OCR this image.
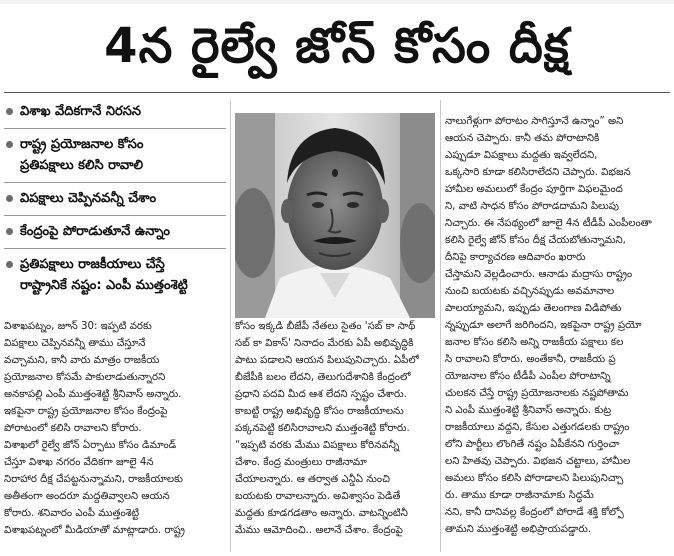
4న రైల్వే జోన్ కోసం దీక్ష
విశాఖ వేదికగానే నిరసన
రాష్ట్ర ప్రయోజనాల కోసం
ప్రతిపక్షాలు కలిసి రావాలి
విపక్షాలు చెప్పినవన్నీ చేశాం
కేంద్రంపై పోరాడుతూనే ఉన్నాం
ప్రతిపక్షాలు రాజకీయాలు చేస్తే
రాష్ట్రానికే నష్టం: ఎంపీ ముత్తంశెట్టి

విశాఖపట్నం, జూన్ 30: ఇప్పటి వరకు
విపక్షాలు చెప్పినవన్నీ తాము చేస్తూనే
వచ్చామని, కానీ వారు మాత్రం రాజకీయ
ప్రయోజనాల కోసమే పాకులాడుతున్నారని
అనకాపల్లి ఎంపీ ముత్తంశెట్టి శ్రీనివాస్ అన్నారు.
ఇకపైనా రాష్ట్ర ప్రయోజనాల కోసం కేంద్రంపై
పోరాటంలో కలిసి రావాలని కోరారు.
విశాఖలో రైల్వే జోన్ ఏర్పాటు కోసం డిమాండ్
చేస్తూ విశాఖ నగరం వేదికగా జూలై 4న
నిరాహార దీక్ష చేపట్టనున్నామని, రాజకీయాలకు
అతీతంగా అందరూ మద్దతివ్వాలని ఆయన
కోరారు. శనివారం ఎంపీ ముత్తంశెట్టి
విశాఖపట్నంలో మీడియాతో మాట్లాడారు. రాష్ట్ర

కోసం ఇక్కడి బీజేపీ నేతలు సైతం 'సబ్ కా సాథ్
సబ్ కా వికాస్' నినాదం మేరకు ఏపీ అభివృద్ధికి
పాటు పడాలని ఆయన పిలుపునిచ్చారు. ఏపీలో
బీజేపీకి బలం లేదని, తెలుగుదేశానికి కేంద్రంలో
ప్రధాని పదవి మీద ఆశ లేదని స్పష్టం చేశారు.
కాబట్టి రాష్ట్ర అభివృద్ధి కోసం రాజకీయాలను
పక్కనపెట్టి కలిసిరావాలని ముత్తంశెట్టి కోరారు.
“ఇప్పటి వరకు మేము విపక్షాలు కోరినవన్నీ
చేశాం. కేంద్ర మంత్రులు రాజీనామా
చేయాలన్నారు. ఆ తర్వాత ఎన్డీఏ నుంచి
బయటకు రావాలన్నారు. అవిశ్వాసం పెడితే
మద్దతు కూడగడతాం అన్నారు. వాటన్నింటినీ
మేము ఆమోదించి.. అలానే చేశాం. కేంద్రంపై

నాలుగేళ్లుగా పోరాటం సాగిస్తూనే ఉన్నాం” అని
ఆయన చెప్పారు. కానీ తమ పోరాటానికి
ఎప్పుడూ విపక్షాలు మద్దతు ఇవ్వలేదని,
ఒక్కసారి కూడా కలిసిరాలేదని చెప్పారు. విభజన
హామీల అమలులో కేంద్రం పూర్తిగా విఫలమైంద
ని, వాటి సాధన కోసం పోరాడదామని పిలుపు
నిచ్చారు. ఈ నేపథ్యంలో జూలై 4న టీడీపీ ఎంపీలంతా
కలిసి రైల్వే జోన్ కోసం దీక్ష చేయబోతున్నామని,
దీనిపై కార్యాచరణ ఆదివారం ఖరారు
చేస్తామని వెల్లడించారు. ఆనాడు మద్రాసు రాష్ట్రం
నుంచి బయటకు వచ్చినప్పుడు అవమానాల
పాలయ్యామని, ఇప్పుడు తెలంగాణ విడిపోతు
న్నప్పుడూ అలాగే జరిగిందని, ఇకపైనా రాష్ట్ర ప్రయో
జనాల కోసం కలిసి అన్ని రాజకీయ పక్షాలు కల
సి రావాలని కోరారు. అంతేకానీ, రాజకీయ ప్ర
యోజనాల కోసం టీడీపీ ఎంపీల పోరాటాన్ని
చులకన చేస్తే రాష్ట్ర ప్రయోజనాలకు నష్టపోతామ
ని ఎంపీ ముత్తంశెట్టి శ్రీనివాస్ అన్నారు. కుట్ర
రాజకీయాలు వద్దని, కేసుల ఎత్తుగడలకు రాష్ట్రం
లోని పార్టీలు లొంగితే నష్టం ఏపీకేనని గుర్తించా
లని హితవు చెప్పారు. విభజన చట్టాలు, హామీల
అమలు కోసం కలిసి పోరాడాలని పిలుపునిచ్చా
రు. తాము కూడా రాజీనామాకు సిద్ధమే
నని, కానీ దానివల్ల కేంద్రంలో పోరాడే శక్తి కోల్పో
తామని ముత్తంశెట్టి అభిప్రాయపడ్డారు.
